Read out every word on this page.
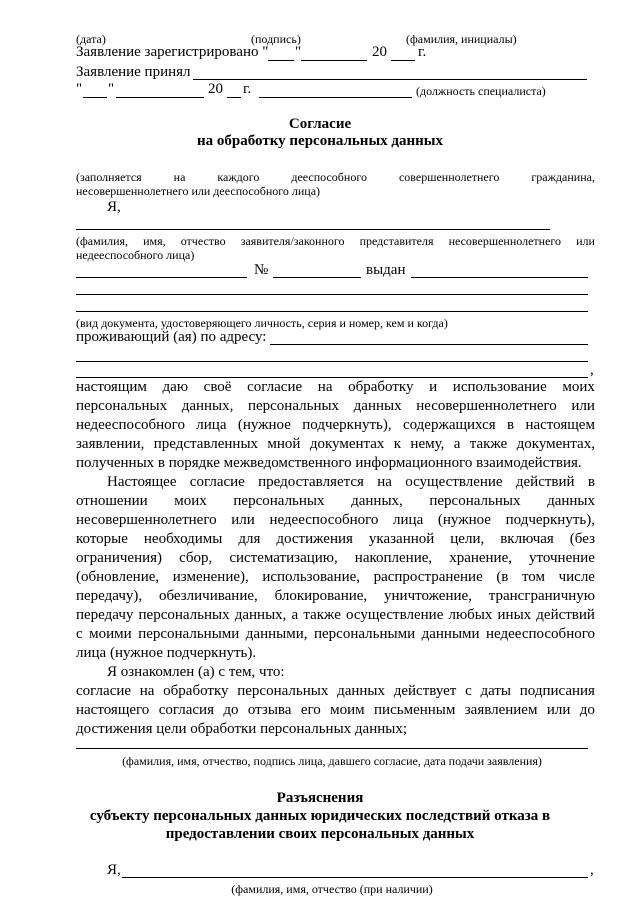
(дата)	(подпись)	(фамилия, инициалы)
Заявление зарегистрировано " "	20 г.
Заявление принял
" "	20 г.	(должность специалиста)
Согласие
на обработку персональных данных
(заполняется	на	каждого	дееспособного	совершеннолетнего	гражданина,
несовершеннолетнего или дееспособного лица)
Я,
(фамилия, имя, отчество заявителя/законного представителя несовершеннолетнего или
недееспособного лица)
№	выдан
(вид документа, удостоверяющего личность, серия и номер, кем и когда)
проживающий (ая) по адресу:
,
настоящим даю своё согласие на обработку и использование моих
персональных данных, персональных данных несовершеннолетнего или
недееспособного лица (нужное подчеркнуть), содержащихся в настоящем
заявлении, представленных мной документах к нему, а также документах,
полученных в порядке межведомственного информационного взаимодействия.
Настоящее согласие предоставляется на осуществление действий в
отношении моих персональных данных, персональных данных
несовершеннолетнего или недееспособного лица (нужное подчеркнуть),
которые необходимы для достижения указанной цели, включая (без
ограничения) сбор, систематизацию, накопление, хранение, уточнение
(обновление, изменение), использование, распространение (в том числе
передачу), обезличивание, блокирование, уничтожение, трансграничную
передачу персональных данных, а также осуществление любых иных действий
с моими персональными данными, персональными данными недееспособного
лица (нужное подчеркнуть).
Я ознакомлен (а) с тем, что:
согласие на обработку персональных данных действует с даты подписания
настоящего согласия до отзыва его моим письменным заявлением или до
достижения цели обработки персональных данных;
(фамилия, имя, отчество, подпись лица, давшего согласие, дата подачи заявления)
Разъяснения
субъекту персональных данных юридических последствий отказа в
предоставлении своих персональных данных
Я,	,
(фамилия, имя, отчество (при наличии)
